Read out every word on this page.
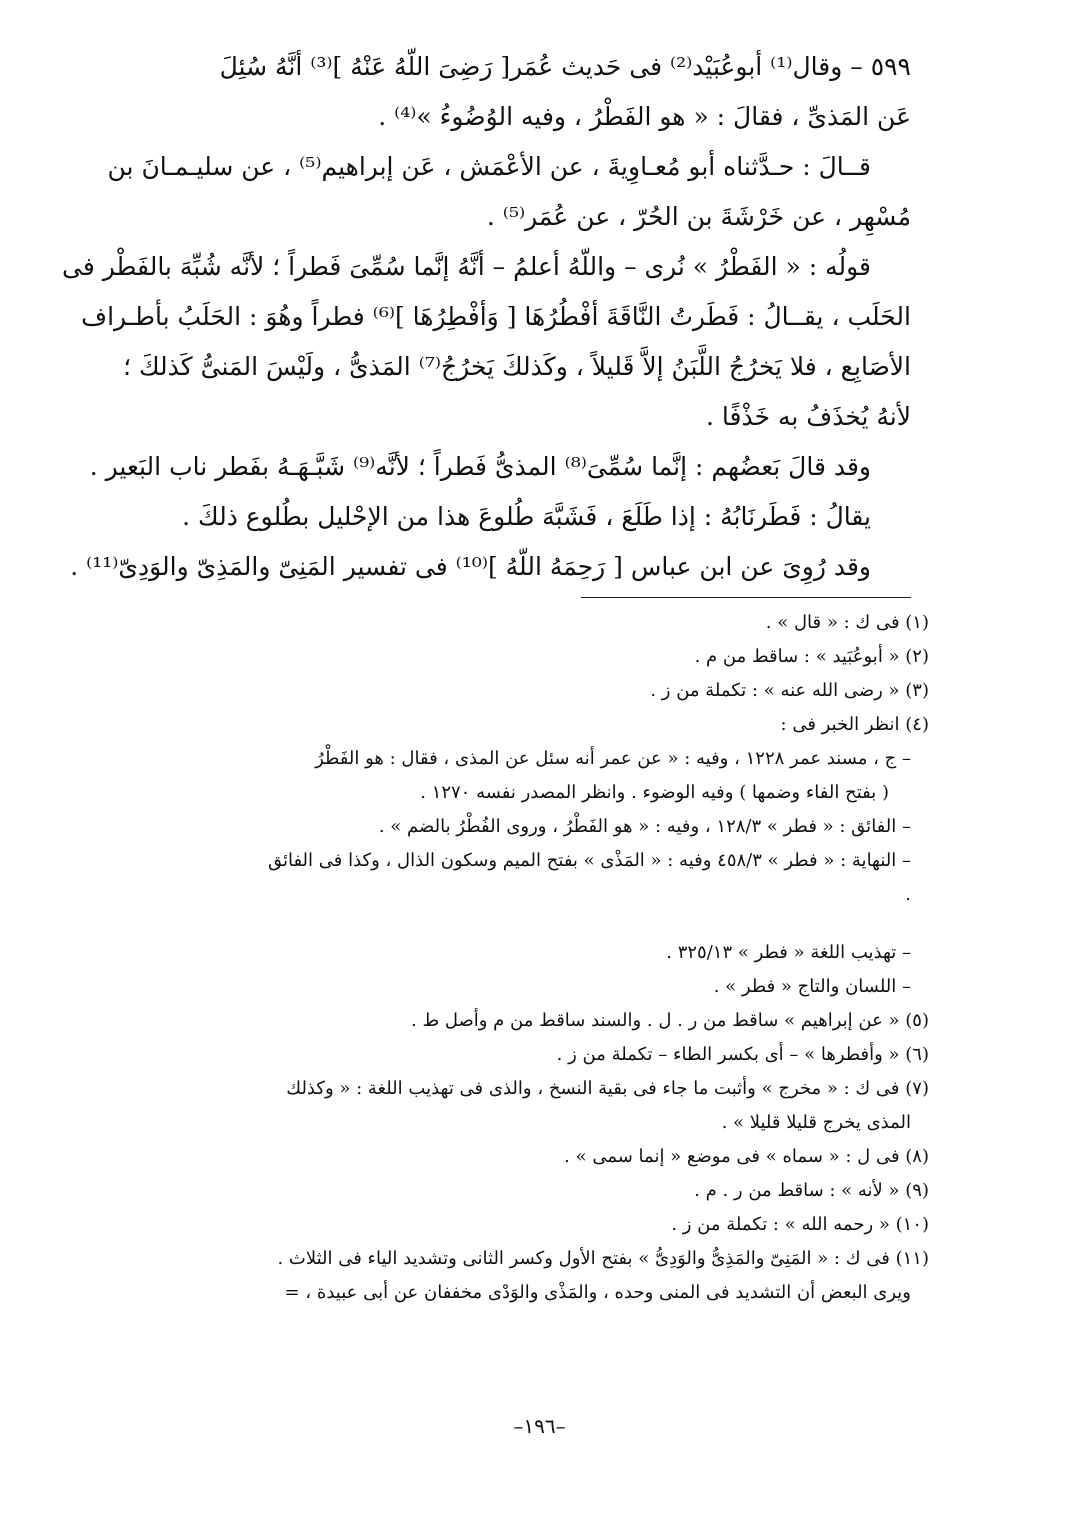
٥٩٩ – وقال⁽¹⁾ أبوعُبَيْد⁽²⁾ فى حَديث عُمَر[ رَضِىَ اللّهُ عَنْهُ ]⁽³⁾ أنَّهُ سُئِلَ
عَن المَذىِّ ، فقالَ : « هو الفَطْرُ ، وفيه الوُضُوءُ »⁽⁴⁾ .
قــالَ : حـدَّثناه أبو مُعـاوِيةَ ، عن الأعْمَش ، عَن إبراهيم⁽⁵⁾ ، عن سليـمـانَ بن
مُسْهِر ، عن خَرْشَةَ بن الحُرّ ، عن عُمَر⁽⁵⁾ .
قولُه : « الفَطْرُ » نُرى – واللّهُ أعلمُ – أنَّهُ إنَّما سُمِّىَ فَطراً ؛ لأنَّه شُبِّهَ بالفَطْر فى
الحَلَب ، يقــالُ : فَطَرتُ النَّاقَةَ أفْطُرُهَا [ وَأفْطِرُهَا ]⁽⁶⁾ فطراً وهُوَ : الحَلَبُ بأطـراف
الأصَابِع ، فلا يَخرُجُ اللَّبَنُ إلاَّ قَليلاً ، وكَذلكَ يَخرُجُ⁽⁷⁾ المَذىُّ ، ولَيْسَ المَنىُّ كَذلكَ ؛
لأنهُ يُخذَفُ به خَذْفًا .
وقد قالَ بَعضُهم : إنَّما سُمِّىَ⁽⁸⁾ المذىُّ فَطراً ؛ لأنَّه⁽⁹⁾ شَبَّـهَـهُ بفَطر ناب البَعير .
يقالُ : فَطَرنَابُهُ : إذا طَلَعَ ، فَشَبَّهَ طُلوعَ هذا من الإحْليل بطُلوع ذلكَ .
وقد رُوِىَ عن ابن عباس [ رَحِمَهُ اللّهُ ]⁽¹⁰⁾ فى تفسير المَنِىّ والمَذِىّ والوَدِىّ⁽¹¹⁾ .
(١) فى ك : « قال » .
(٢) « أبوعُبَيد » : ساقط من م .
(٣) « رضى الله عنه » : تكملة من ز .
(٤) انظر الخبر فى :
– ج ، مسند عمر ١٢٢٨ ، وفيه : « عن عمر أنه سئل عن المذى ، فقال : هو الفَطْرُ
( بفتح الفاء وضمها ) وفيه الوضوء . وانظر المصدر نفسه ١٢٧٠ .
– الفائق : « فطر » ١٢٨/٣ ، وفيه : « هو الفَطْرُ ، وروى الفُطْرُ بالضم » .
– النهاية : « فطر » ٤٥٨/٣ وفيه : « المَذْى » بفتح الميم وسكون الذال ، وكذا فى الفائق
.
– تهذيب اللغة « فطر » ٣٢٥/١٣ .
– اللسان والتاج « فطر » .
(٥) « عن إبراهيم » ساقط من ر . ل . والسند ساقط من م وأصل ط .
(٦) « وأفطرها » – أى بكسر الطاء – تكملة من ز .
(٧) فى ك : « مخرج » وأثبت ما جاء فى بقية النسخ ، والذى فى تهذيب اللغة : « وكذلك
المذى يخرج قليلا قليلا » .
(٨) فى ل : « سماه » فى موضع « إنما سمى » .
(٩) « لأنه » : ساقط من ر . م .
(١٠) « رحمه الله » : تكملة من ز .
(١١) فى ك : « المَنِىّ والمَذِىُّ والوَدِىُّ » بفتح الأول وكسر الثانى وتشديد الياء فى الثلاث .
ويرى البعض أن التشديد فى المنى وحده ، والمَذْى والوَدْى مخففان عن أبى عبيدة ، =
–١٩٦–
